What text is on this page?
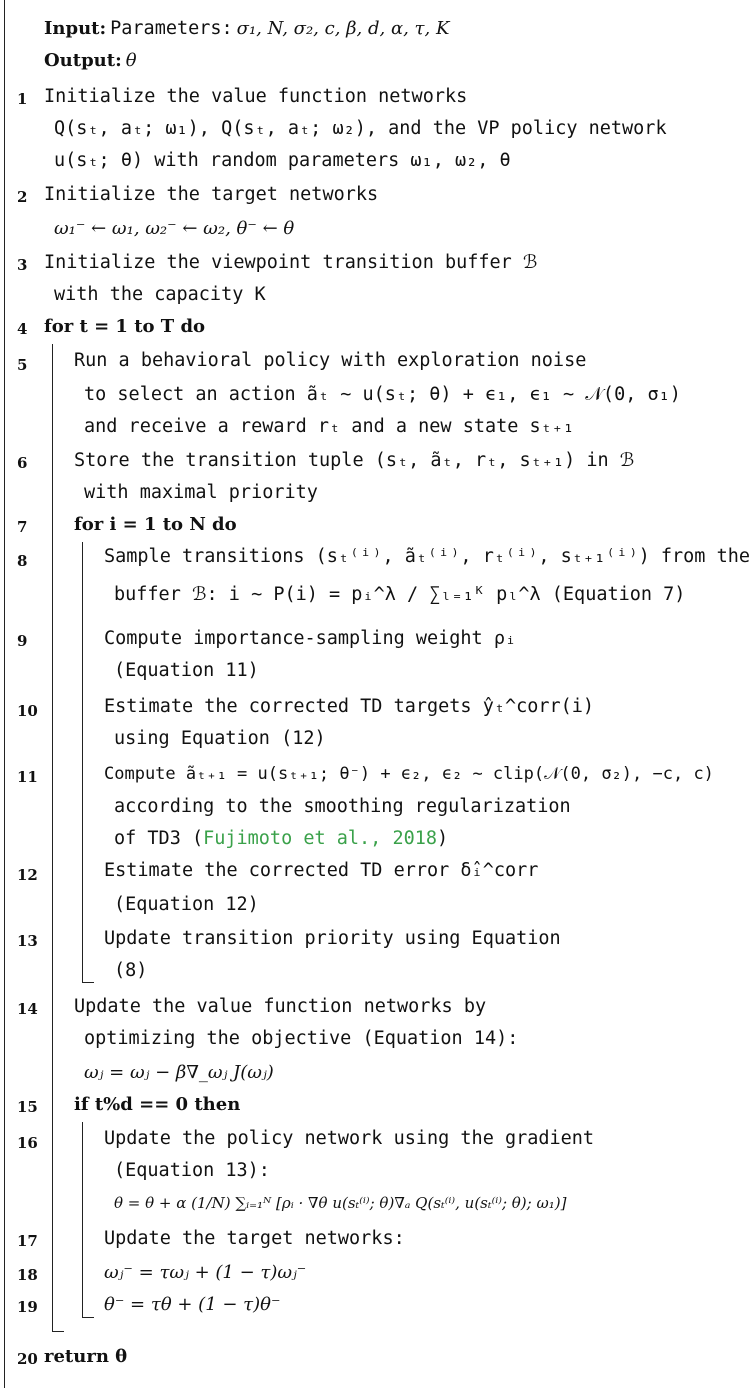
Input: Parameters: σ₁, N, σ₂, c, β, d, α, τ, K
Output: θ
1 Initialize the value function networks
Q(sₜ, aₜ; ω₁), Q(sₜ, aₜ; ω₂), and the VP policy network
u(sₜ; θ) with random parameters ω₁, ω₂, θ
2 Initialize the target networks
ω₁⁻ ← ω₁, ω₂⁻ ← ω₂, θ⁻ ← θ
3 Initialize the viewpoint transition buffer ℬ
with the capacity K
4 for t = 1 to T do
5	Run a behavioral policy with exploration noise
to select an action ãₜ ∼ u(sₜ; θ) + ϵ₁, ϵ₁ ∼ 𝒩(0, σ₁)
and receive a reward rₜ and a new state sₜ₊₁
6	Store the transition tuple (sₜ, ãₜ, rₜ, sₜ₊₁) in ℬ
with maximal priority
7	for i = 1 to N do
8	Sample transitions (sₜ⁽ⁱ⁾, ãₜ⁽ⁱ⁾, rₜ⁽ⁱ⁾, sₜ₊₁⁽ⁱ⁾) from the
buffer ℬ: i ∼ P(i) = pᵢ^λ / ∑ₗ₌₁ᴷ pₗ^λ (Equation 7)
9	Compute importance-sampling weight ρᵢ
(Equation 11)
10	Estimate the corrected TD targets ŷₜ^corr(i)
using Equation (12)
11	Compute ãₜ₊₁ = u(sₜ₊₁; θ⁻) + ϵ₂, ϵ₂ ∼ clip(𝒩(0, σ₂), −c, c)
according to the smoothing regularization
of TD3 (Fujimoto et al., 2018)
12	Estimate the corrected TD error δ̂ᵢ^corr
(Equation 12)
13	Update transition priority using Equation
(8)
14 Update the value function networks by
optimizing the objective (Equation 14):
ωⱼ = ωⱼ − β∇_ωⱼ J(ωⱼ)
15 if t%d == 0 then
16	Update the policy network using the gradient
(Equation 13):
θ = θ + α (1/N) ∑ᵢ₌₁ᴺ [ρᵢ · ∇θ u(sₜ⁽ⁱ⁾; θ)∇ₐ Q(sₜ⁽ⁱ⁾, u(sₜ⁽ⁱ⁾; θ); ω₁)]
17	Update the target networks:
18	ωⱼ⁻ = τωⱼ + (1 − τ)ωⱼ⁻
19	θ⁻ = τθ + (1 − τ)θ⁻
20 return θ
